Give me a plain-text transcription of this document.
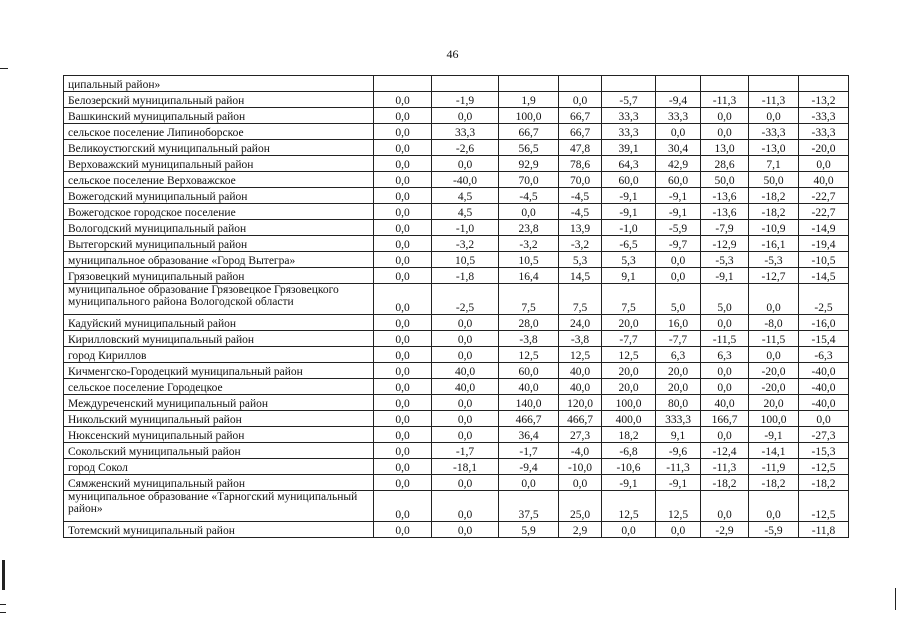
46
ципальный район»									
Белозерский муниципальный район	0,0	-1,9	1,9	0,0	-5,7	-9,4	-11,3	-11,3	-13,2
Вашкинский муниципальный район	0,0	0,0	100,0	66,7	33,3	33,3	0,0	0,0	-33,3
сельское поселение Липиноборское	0,0	33,3	66,7	66,7	33,3	0,0	0,0	-33,3	-33,3
Великоустюгский муниципальный район	0,0	-2,6	56,5	47,8	39,1	30,4	13,0	-13,0	-20,0
Верховажский муниципальный район	0,0	0,0	92,9	78,6	64,3	42,9	28,6	7,1	0,0
сельское поселение Верховажское	0,0	-40,0	70,0	70,0	60,0	60,0	50,0	50,0	40,0
Вожегодский муниципальный район	0,0	4,5	-4,5	-4,5	-9,1	-9,1	-13,6	-18,2	-22,7
Вожегодское городское поселение	0,0	4,5	0,0	-4,5	-9,1	-9,1	-13,6	-18,2	-22,7
Вологодский муниципальный район	0,0	-1,0	23,8	13,9	-1,0	-5,9	-7,9	-10,9	-14,9
Вытегорский муниципальный район	0,0	-3,2	-3,2	-3,2	-6,5	-9,7	-12,9	-16,1	-19,4
муниципальное образование «Город Вытегра»	0,0	10,5	10,5	5,3	5,3	0,0	-5,3	-5,3	-10,5
Грязовецкий муниципальный район	0,0	-1,8	16,4	14,5	9,1	0,0	-9,1	-12,7	-14,5
муниципальное образование Грязовецкое Грязовецкого муниципального района Вологодской области	0,0	-2,5	7,5	7,5	7,5	5,0	5,0	0,0	-2,5
Кадуйский муниципальный район	0,0	0,0	28,0	24,0	20,0	16,0	0,0	-8,0	-16,0
Кирилловский муниципальный район	0,0	0,0	-3,8	-3,8	-7,7	-7,7	-11,5	-11,5	-15,4
город Кириллов	0,0	0,0	12,5	12,5	12,5	6,3	6,3	0,0	-6,3
Кичменгско-Городецкий муниципальный район	0,0	40,0	60,0	40,0	20,0	20,0	0,0	-20,0	-40,0
сельское поселение Городецкое	0,0	40,0	40,0	40,0	20,0	20,0	0,0	-20,0	-40,0
Междуреченский муниципальный район	0,0	0,0	140,0	120,0	100,0	80,0	40,0	20,0	-40,0
Никольский муниципальный район	0,0	0,0	466,7	466,7	400,0	333,3	166,7	100,0	0,0
Нюксенский муниципальный район	0,0	0,0	36,4	27,3	18,2	9,1	0,0	-9,1	-27,3
Сокольский муниципальный район	0,0	-1,7	-1,7	-4,0	-6,8	-9,6	-12,4	-14,1	-15,3
город Сокол	0,0	-18,1	-9,4	-10,0	-10,6	-11,3	-11,3	-11,9	-12,5
Сямженский муниципальный район	0,0	0,0	0,0	0,0	-9,1	-9,1	-18,2	-18,2	-18,2
муниципальное образование «Тарногский муниципальный район»	0,0	0,0	37,5	25,0	12,5	12,5	0,0	0,0	-12,5
Тотемский муниципальный район	0,0	0,0	5,9	2,9	0,0	0,0	-2,9	-5,9	-11,8
